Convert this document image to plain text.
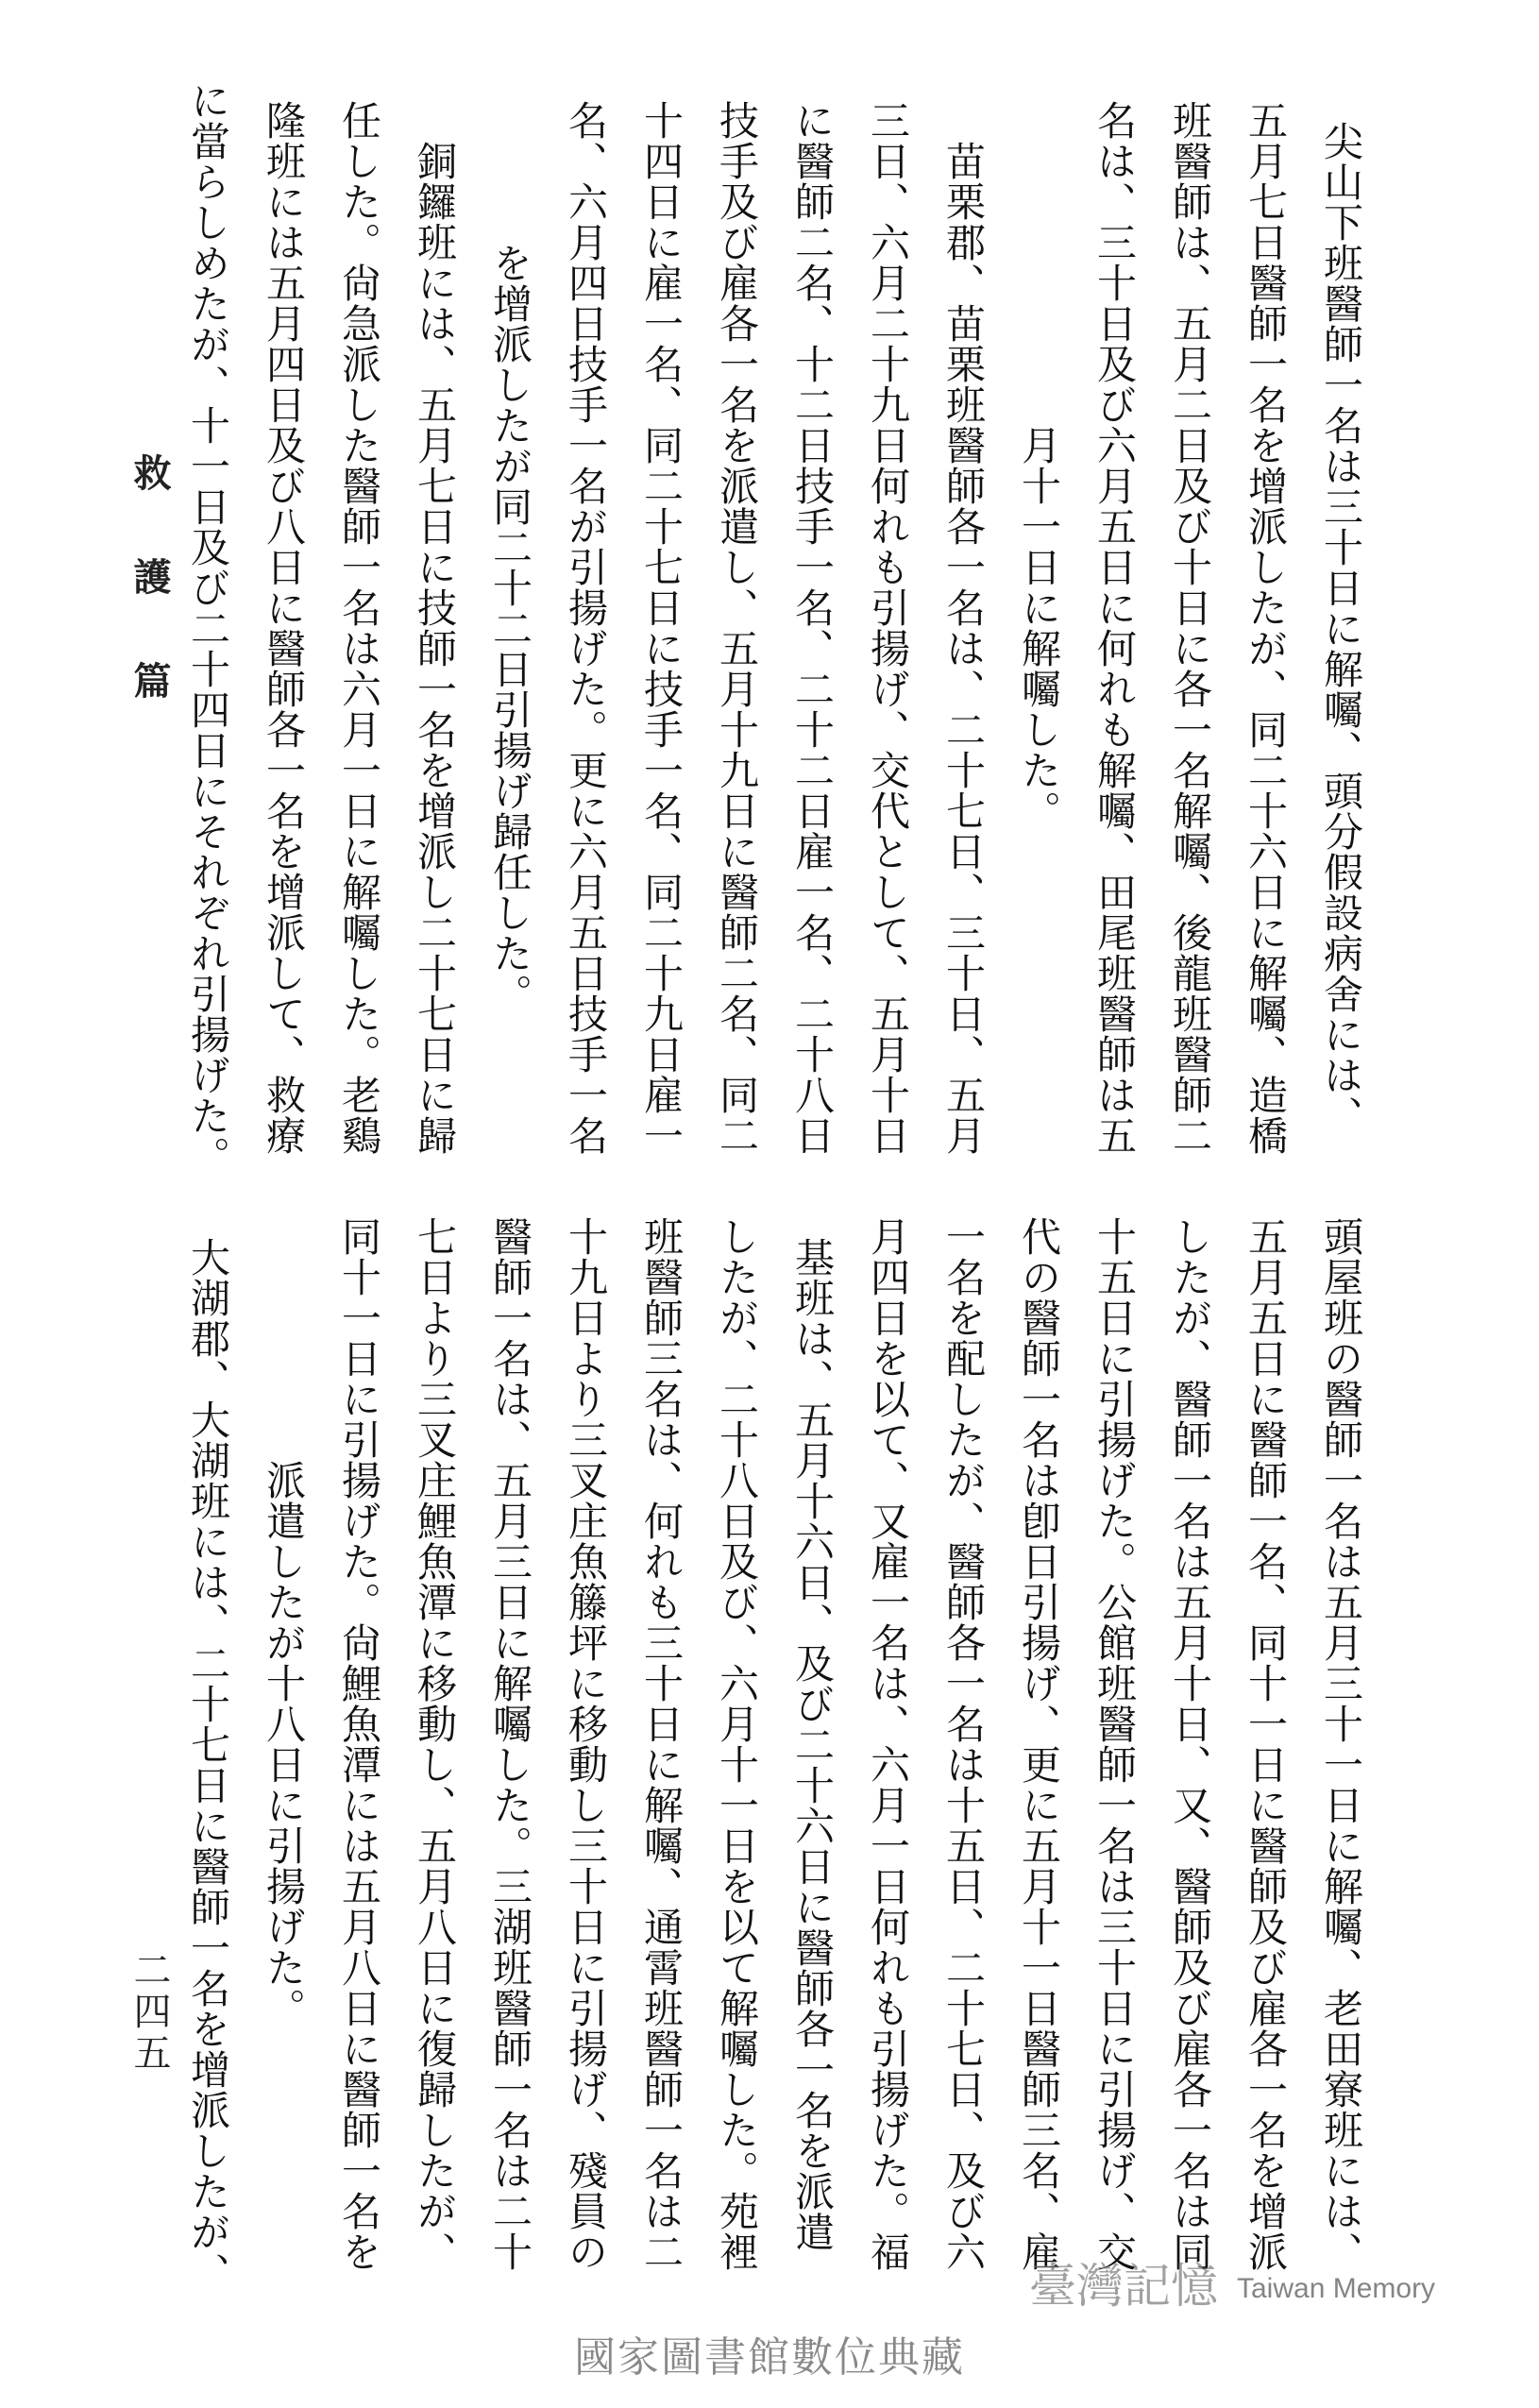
救護篇	尖山下班醫師一名は三十日に解囑、頭分假設病舍には、
五月七日醫師一名を增派したが、同二十六日に解囑、造橋
班醫師は、五月二日及び十日に各一名解囑、後龍班醫師二
名は、三十日及び六月五日に何れも解囑、田尾班醫師は五
月十一日に解囑した。
苗栗郡、苗栗班醫師各一名は、二十七日、三十日、五月
三日、六月二十九日何れも引揚げ、交代として、五月十日
に醫師二名、十二日技手一名、二十二日雇一名、二十八日
技手及び雇各一名を派遣し、五月十九日に醫師二名、同二
十四日に雇一名、同二十七日に技手一名、同二十九日雇一
名、六月四日技手一名が引揚げた。更に六月五日技手一名
を增派したが同二十二日引揚げ歸任した。
銅鑼班には、五月七日に技師一名を增派し二十七日に歸
任した。尙急派した醫師一名は六月一日に解囑した。老鷄
隆班には五月四日及び八日に醫師各一名を增派して、救療
に當らしめたが、十一日及び二十四日にそれぞれ引揚げた。
頭屋班の醫師一名は五月三十一日に解囑、老田寮班には、
五月五日に醫師一名、同十一日に醫師及び雇各一名を增派
したが、醫師一名は五月十日、又、醫師及び雇各一名は同
十五日に引揚げた。公館班醫師一名は三十日に引揚げ、交
代の醫師一名は卽日引揚げ、更に五月十一日醫師三名、雇
一名を配したが、醫師各一名は十五日、二十七日、及び六
月四日を以て、又雇一名は、六月一日何れも引揚げた。福
基班は、五月十六日、及び二十六日に醫師各一名を派遣
したが、二十八日及び、六月十一日を以て解囑した。苑裡
班醫師三名は、何れも三十日に解囑、通霄班醫師一名は二
十九日より三叉庄魚籐坪に移動し三十日に引揚げ、殘員の
醫師一名は、五月三日に解囑した。三湖班醫師一名は二十
七日より三叉庄鯉魚潭に移動し、五月八日に復歸したが、
同十一日に引揚げた。尙鯉魚潭には五月八日に醫師一名を
派遣したが十八日に引揚げた。
大湖郡、大湖班には、二十七日に醫師一名を增派したが、
二四五
臺灣記憶 Taiwan Memory
國家圖書館數位典藏
